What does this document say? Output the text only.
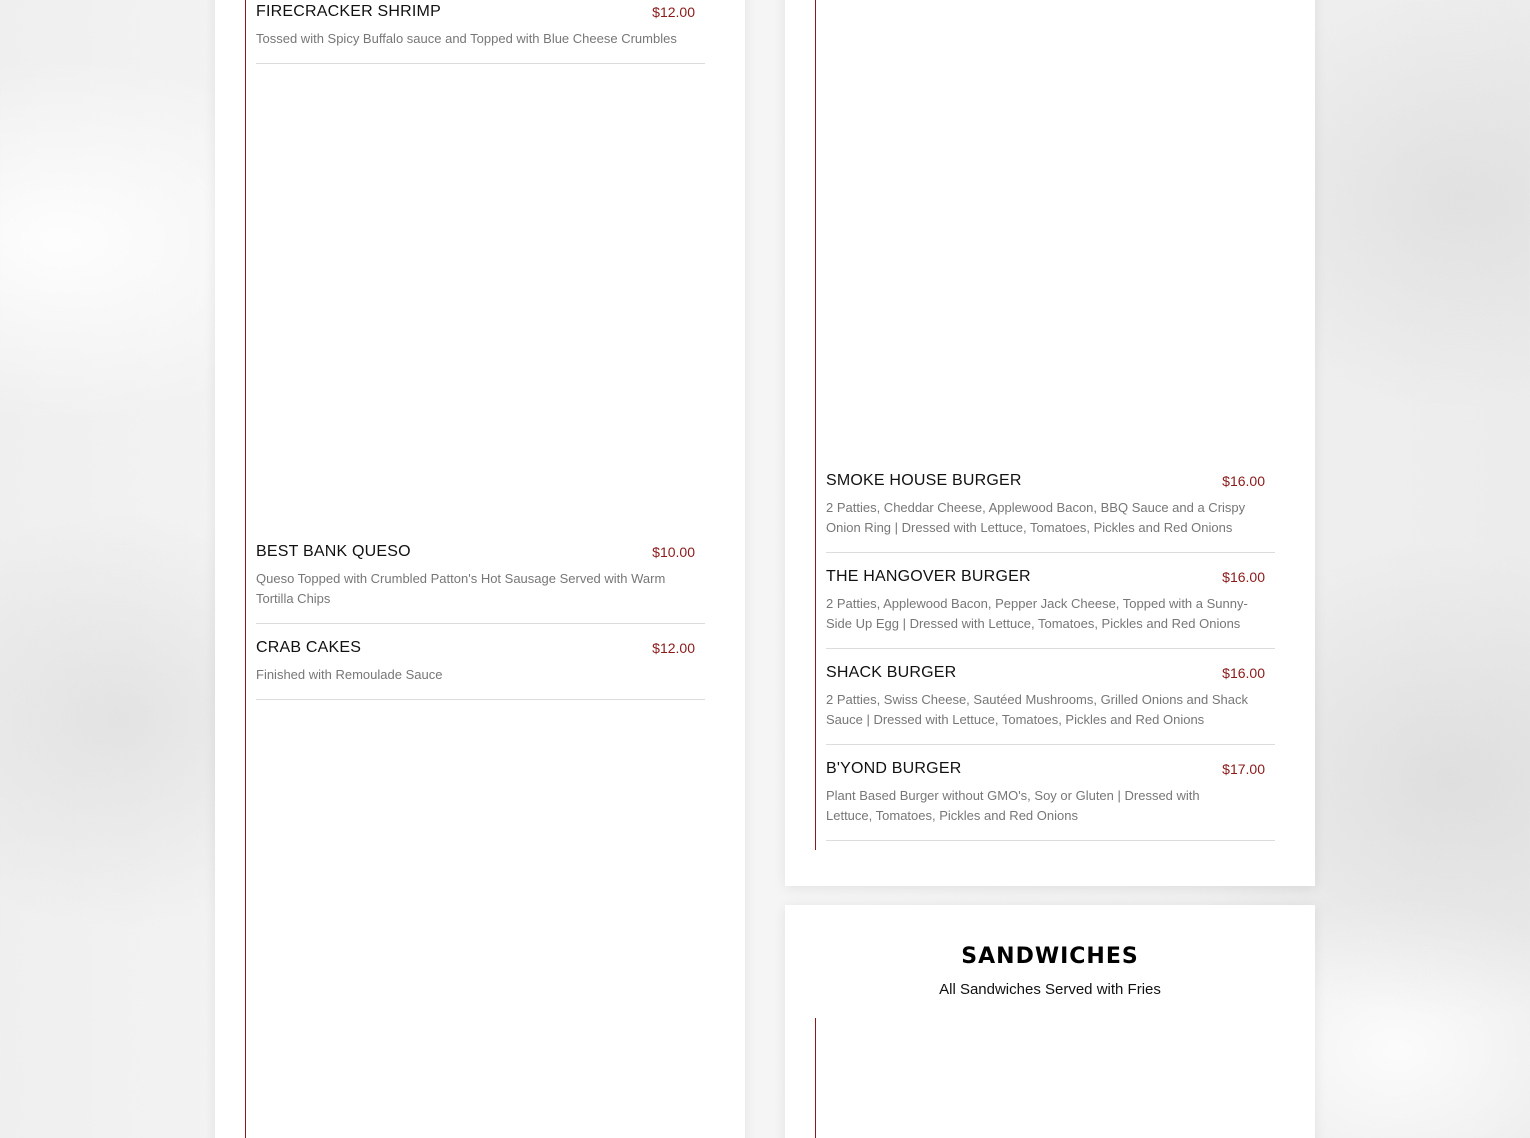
FIRECRACKER SHRIMP	$12.00
Tossed with Spicy Buffalo sauce and Topped with Blue Cheese Crumbles
BEST BANK QUESO	$10.00
Queso Topped with Crumbled Patton's Hot Sausage Served with Warm Tortilla Chips
CRAB CAKES	$12.00
Finished with Remoulade Sauce
SMOKE HOUSE BURGER	$16.00
2 Patties, Cheddar Cheese, Applewood Bacon, BBQ Sauce and a Crispy Onion Ring | Dressed with Lettuce, Tomatoes, Pickles and Red Onions
THE HANGOVER BURGER	$16.00
2 Patties, Applewood Bacon, Pepper Jack Cheese, Topped with a Sunny-Side Up Egg | Dressed with Lettuce, Tomatoes, Pickles and Red Onions
SHACK BURGER	$16.00
2 Patties, Swiss Cheese, Sautéed Mushrooms, Grilled Onions and Shack Sauce | Dressed with Lettuce, Tomatoes, Pickles and Red Onions
B'YOND BURGER	$17.00
Plant Based Burger without GMO's, Soy or Gluten | Dressed with Lettuce, Tomatoes, Pickles and Red Onions
SANDWICHES
All Sandwiches Served with Fries
